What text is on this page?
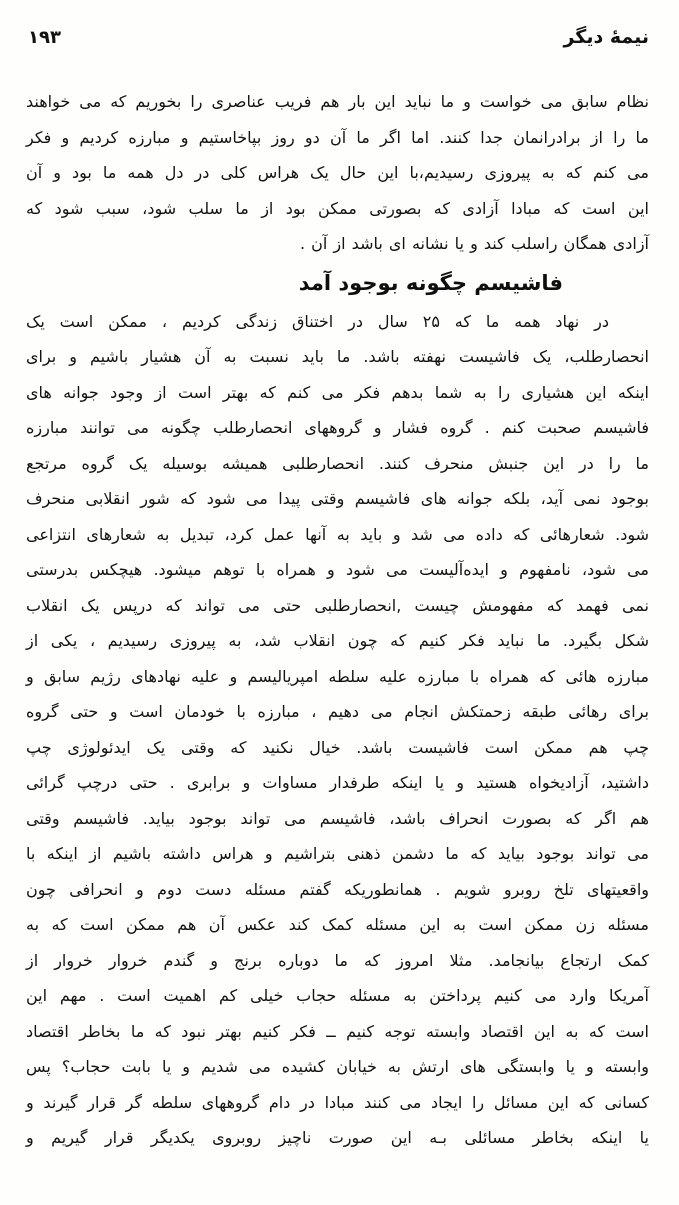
نیمهٔ دیگر
۱۹۳
نظام سابق می خواست و ما نباید این بار هم فریب عناصری را بخوریم که می خواهند
ما را از برادرانمان جدا کنند. اما اگر ما آن دو روز بپاخاستیم و مبارزه کردیم و فکر
می کنم که به پیروزی رسیدیم،با این حال یک هراس کلی در دل همه ما بود و آن
این است که مبادا آزادی که بصورتی ممکن بود از ما سلب شود، سبب شود که
آزادی همگان راسلب کند و یا نشانه ای باشد از آن .
فاشیسم چگونه بوجود آمد
در نهاد همه ما که ۲۵ سال در اختناق زندگی کردیم ، ممکن است یک
انحصارطلب، یک فاشیست نهفته باشد. ما باید نسبت به آن هشیار باشیم و برای
اینکه این هشیاری را به شما بدهم فکر می کنم که بهتر است از وجود جوانه های
فاشیسم صحبت کنم . گروه فشار و گروههای انحصارطلب چگونه می توانند مبارزه
ما را در این جنبش منحرف کنند. انحصارطلبی همیشه بوسیله یک گروه مرتجع
بوجود نمی آید، بلکه جوانه های فاشیسم وقتی پیدا می شود که شور انقلابی منحرف
شود. شعارهائی که داده می شد و باید به آنها عمل کرد، تبدیل به شعارهای انتزاعی
می شود، نامفهوم و ایده‌آلیست می شود و همراه با توهم میشود. هیچکس بدرستی
نمی فهمد که مفهومش چیست ,انحصارطلبی حتی می تواند که درپس یک انقلاب
شکل بگیرد. ما نباید فکر کنیم که چون انقلاب شد، به پیروزی رسیدیم ، یکی از
مبارزه هائی که همراه با مبارزه علیه سلطه امپریالیسم و علیه نهادهای رژیم سابق و
برای رهائی طبقه زحمتکش انجام می دهیم ، مبارزه با خودمان است و حتی گروه
چپ هم ممکن است فاشیست باشد. خیال نکنید که وقتی یک ایدئولوژی چپ
داشتید، آزادیخواه هستید و یا اینکه طرفدار مساوات و برابری . حتی درچپ گرائی
هم اگر که بصورت انحراف باشد، فاشیسم می تواند بوجود بیاید. فاشیسم وقتی
می تواند بوجود بیاید که ما دشمن ذهنی بتراشیم و هراس داشته باشیم از اینکه با
واقعیتهای تلخ روبرو شویم . همانطوریکه گفتم مسئله دست دوم و انحرافی چون
مسئله زن ممکن است به این مسئله کمک کند عکس آن هم ممکن است که به
کمک ارتجاع بیانجامد. مثلا امروز که ما دوباره برنج و گندم خروار خروار از
آمریکا وارد می کنیم پرداختن به مسئله حجاب خیلی کم اهمیت است . مهم این
است که به این اقتصاد وابسته توجه کنیم ــ فکر کنیم بهتر نبود که ما بخاطر اقتصاد
وابسته و یا وابستگی های ارتش به خیابان کشیده می شدیم و یا بابت حجاب؟ پس
کسانی که این مسائل را ایجاد می کنند مبادا در دام گروههای سلطه گر قرار گیرند و
یا اینکه بخاطر مسائلی بـه این صورت ناچیز روبروی یکدیگر قرار گیریم و
